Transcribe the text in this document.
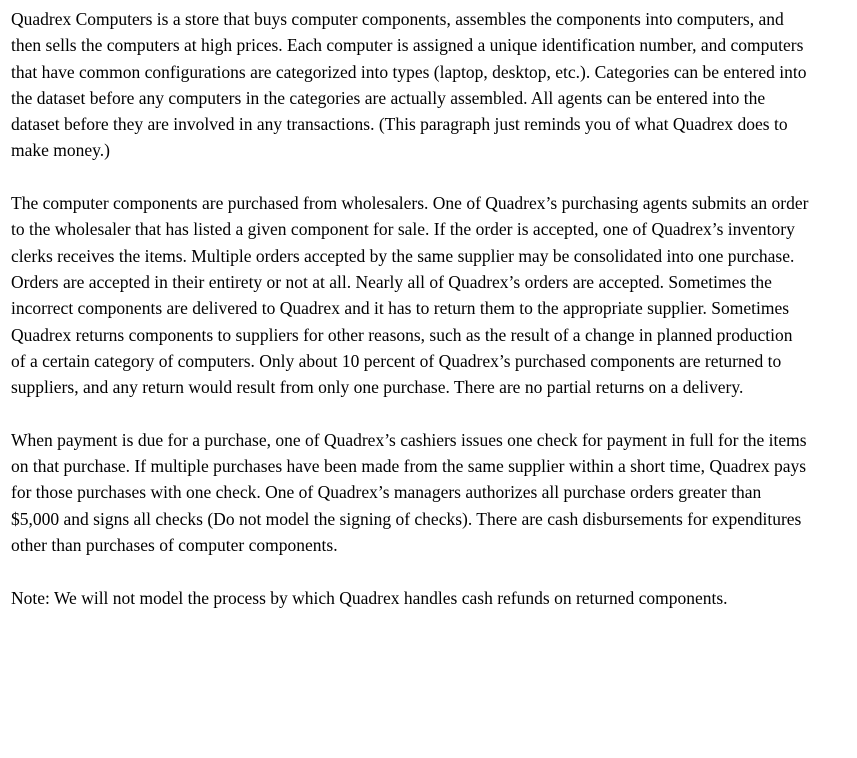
Quadrex Computers is a store that buys computer components, assembles the components into computers, and then sells the computers at high prices. Each computer is assigned a unique identification number, and computers that have common configurations are categorized into types (laptop, desktop, etc.). Categories can be entered into the dataset before any computers in the categories are actually assembled. All agents can be entered into the dataset before they are involved in any transactions. (This paragraph just reminds you of what Quadrex does to make money.)

The computer components are purchased from wholesalers. One of Quadrex’s purchasing agents submits an order to the wholesaler that has listed a given component for sale. If the order is accepted, one of Quadrex’s inventory clerks receives the items. Multiple orders accepted by the same supplier may be consolidated into one purchase. Orders are accepted in their entirety or not at all. Nearly all of Quadrex’s orders are accepted. Sometimes the incorrect components are delivered to Quadrex and it has to return them to the appropriate supplier. Sometimes Quadrex returns components to suppliers for other reasons, such as the result of a change in planned production of a certain category of computers. Only about 10 percent of Quadrex’s purchased components are returned to suppliers, and any return would result from only one purchase. There are no partial returns on a delivery.

When payment is due for a purchase, one of Quadrex’s cashiers issues one check for payment in full for the items on that purchase. If multiple purchases have been made from the same supplier within a short time, Quadrex pays for those purchases with one check. One of Quadrex’s managers authorizes all purchase orders greater than $5,000 and signs all checks (Do not model the signing of checks). There are cash disbursements for expenditures other than purchases of computer components.

Note: We will not model the process by which Quadrex handles cash refunds on returned components.
